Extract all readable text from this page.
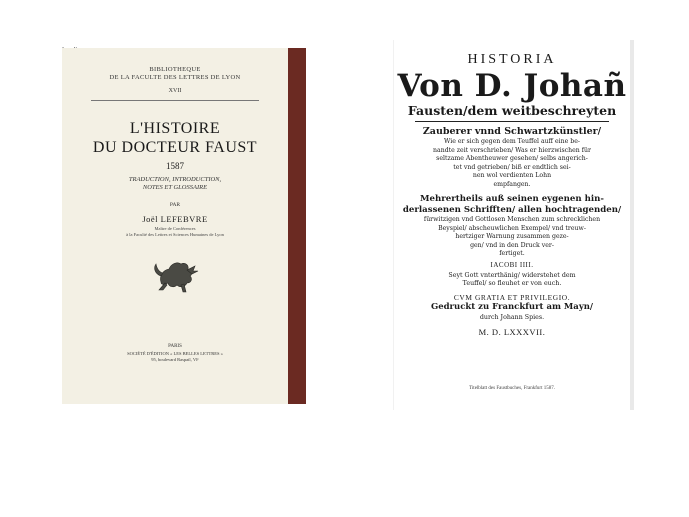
BIBLIOTHEQUE
DE LA FACULTE DES LETTRES DE LYON
XVII
L'HISTOIRE
DU DOCTEUR FAUST
1587
TRADUCTION, INTRODUCTION,
NOTES ET GLOSSAIRE
PAR
Joël LEFEBVRE
Maître de Conférences
à la Faculté des Lettres et Sciences Humaines de Lyon
PARIS
SOCIÉTÉ D'ÉDITION « LES BELLES LETTRES »
95, boulevard Raspail, VIᵉ
HISTORIA
Von D. Johañ
Fausten/dem weitbeschreyten
Zauberer vnnd Schwartzkünstler/
Wie er sich gegen dem Teuffel auff eine be-
nandte zeit verschrieben/ Was er hierzwischen für
seltzame Abentheuwer gesehen/ selbs angerich-
tet vnd getrieben/ biß er endtlich sei-
nen wol verdienten Lohn
empfangen.
Mehrertheils auß seinen eygenen hin-
derlassenen Schrifften/ allen hochtragenden/
fürwitzigen vnd Gottlosen Menschen zum schrecklichen
Beyspiel/ abscheuwlichen Exempel/ vnd treuw-
hertziger Warnung zusammen geze-
gen/ vnd in den Druck ver-
fertiget.
IACOBI IIII.
Seyt Gott vnterthänig/ widerstehet dem
Teuffel/ so fleuhet er von euch.
CVM GRATIA ET PRIVILEGIO.
Gedruckt zu Franckfurt am Mayn/
durch Johann Spies.
M. D. LXXXVII.
Titelblatt des Faustbuches, Frankfurt 1587.
